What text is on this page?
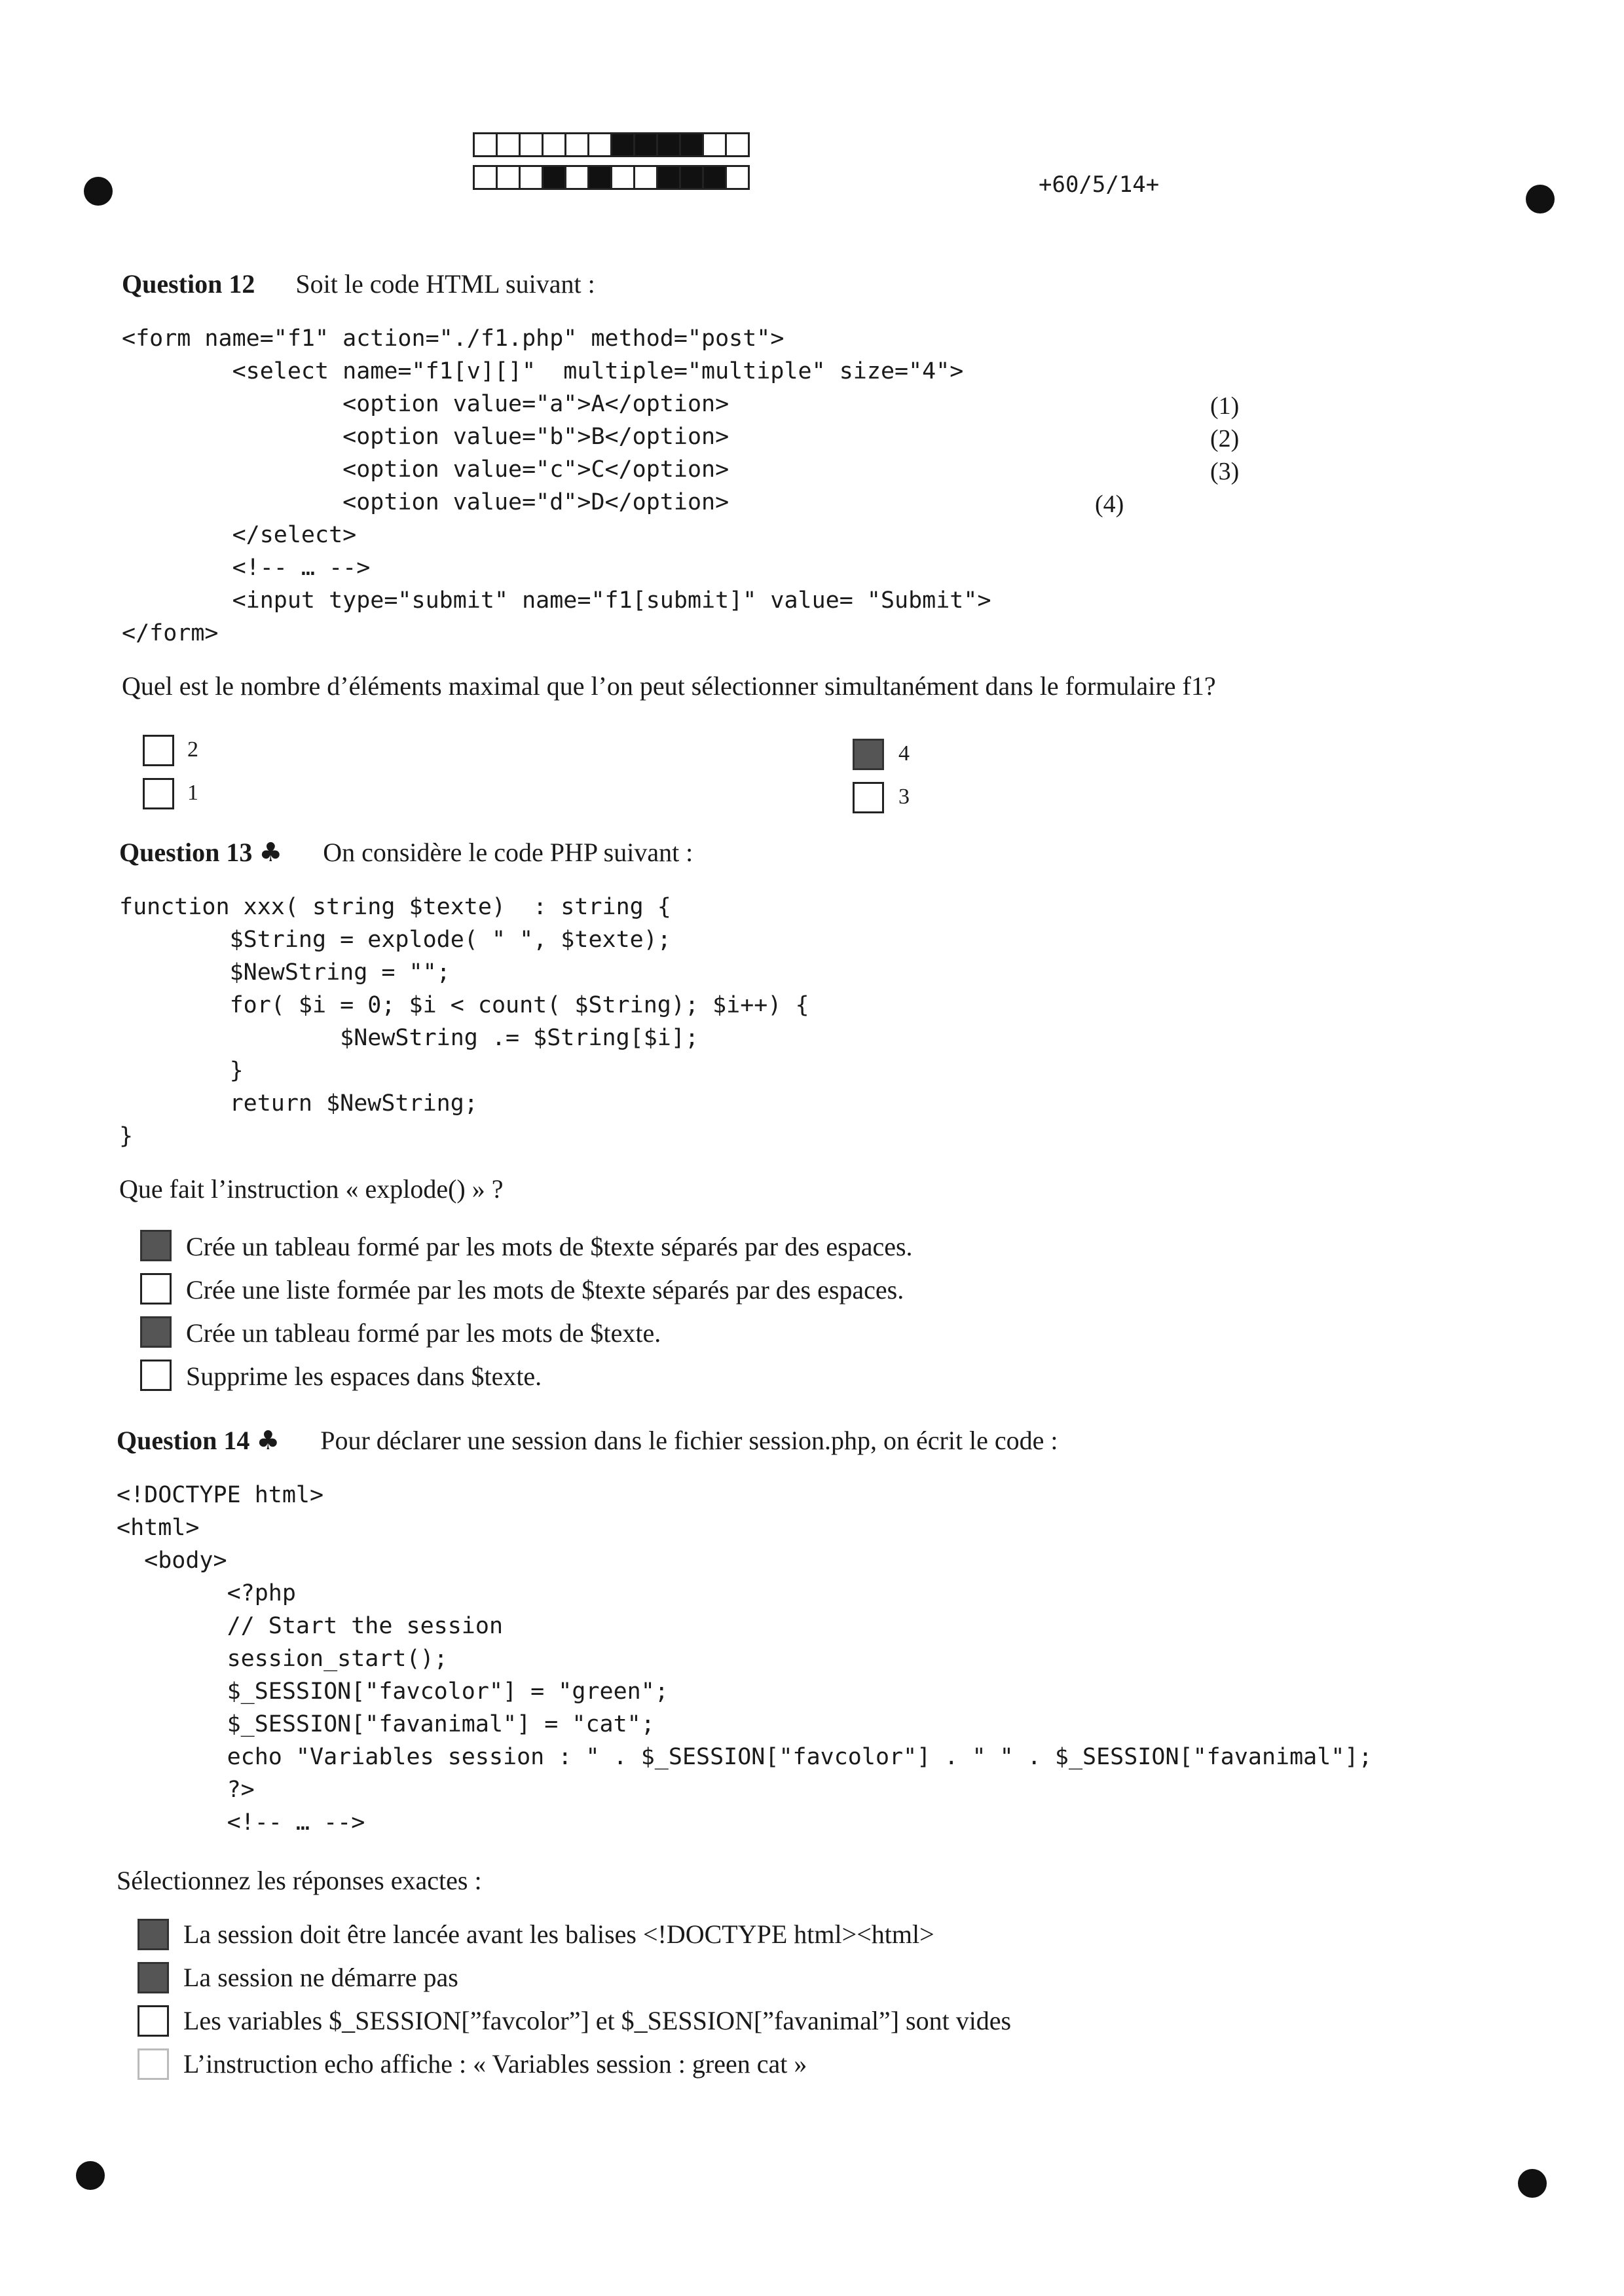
+60/5/14+
Question 12 Soit le code HTML suivant :
<form name="f1" action="./f1.php" method="post">
<select name="f1[v][]"  multiple="multiple" size="4">
<option value="a">A</option>
<option value="b">B</option>
<option value="c">C</option>
<option value="d">D</option>
</select>
<!-- … -->
<input type="submit" name="f1[submit]" value= "Submit">
</form>
(1)
(2)
(3)
(4)
Quel est le nombre d’éléments maximal que l’on peut sélectionner simultanément dans le formulaire f1?
2
1
4
3
Question 13 ♣ On considère le code PHP suivant :
function xxx( string $texte)  : string {
$String = explode( " ", $texte);
$NewString = "";
for( $i = 0; $i < count( $String); $i++) {
$NewString .= $String[$i];
}
return $NewString;
}
Que fait l’instruction « explode() » ?
Crée un tableau formé par les mots de $texte séparés par des espaces.
Crée une liste formée par les mots de $texte séparés par des espaces.
Crée un tableau formé par les mots de $texte.
Supprime les espaces dans $texte.
Question 14 ♣ Pour déclarer une session dans le fichier session.php, on écrit le code :
<!DOCTYPE html>
<html>
<body>
<?php
// Start the session
session_start();
$_SESSION["favcolor"] = "green";
$_SESSION["favanimal"] = "cat";
echo "Variables session : " . $_SESSION["favcolor"] . " " . $_SESSION["favanimal"];
?>
<!-- … -->
Sélectionnez les réponses exactes :
La session doit être lancée avant les balises <!DOCTYPE html><html>
La session ne démarre pas
Les variables $_SESSION[”favcolor”] et $_SESSION[”favanimal”] sont vides
L’instruction echo affiche : « Variables session : green cat »
